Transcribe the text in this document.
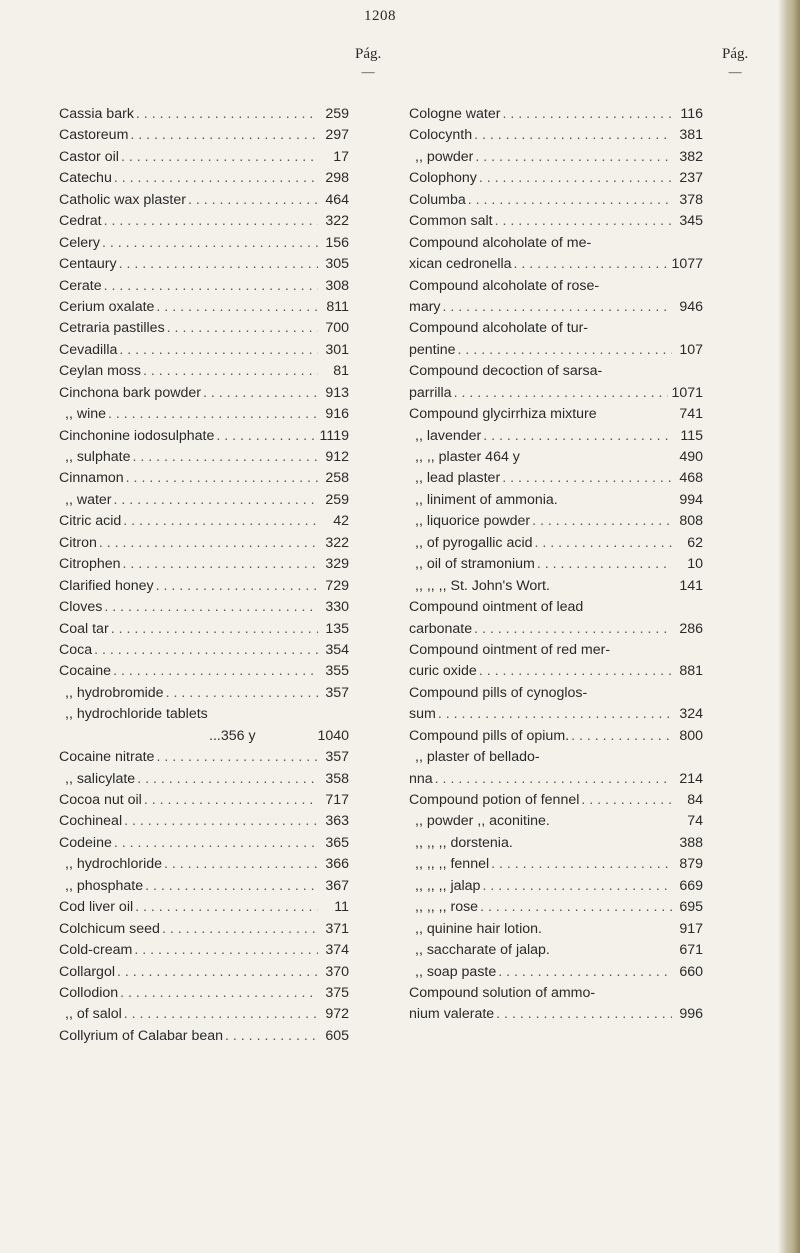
1208
Pág.
—
Pág.
—
Cassia bark . . .	259
Castoreum . . .	297
Castor oil . . .	17
Catechu . . .	298
Catholic wax plaster . . .	464
Cedrat . . .	322
Celery . . .	156
Centaury . . .	305
Cerate . . .	308
Cerium oxalate . . .	811
Cetraria pastilles . . .	700
Cevadilla . . .	301
Ceylan moss . . .	81
Cinchona bark powder . . .	913
,, wine . . .	916
Cinchonine iodosulphate . . .	1119
,, sulphate . . .	912
Cinnamon . . .	258
,, water . . .	259
Citric acid . . .	42
Citron . . .	322
Citrophen . . .	329
Clarified honey . . .	729
Cloves . . .	330
Coal tar . . .	135
Coca . . .	354
Cocaine . . .	355
,, hydrobromide . . .	357
,, hydrochloride tablets
...356 y	1040
Cocaine nitrate . . .	357
,, salicylate . . .	358
Cocoa nut oil . . .	717
Cochineal . . .	363
Codeine . . .	365
,, hydrochloride . . .	366
,, phosphate . . .	367
Cod liver oil . . .	11
Colchicum seed . . .	371
Cold-cream . . .	374
Collargol . . .	370
Collodion . . .	375
,, of salol . . .	972
Collyrium of Calabar bean . . .	605
Cologne water . . .	116
Colocynth . . .	381
,, powder . . .	382
Colophony . . .	237
Columba . . .	378
Common salt . . .	345
Compound alcoholate of me-
xican cedronella . . .	1077
Compound alcoholate of rose-
mary . . .	946
Compound alcoholate of tur-
pentine . . .	107
Compound decoction of sarsa-
parrilla . . .	1071
Compound glycirrhiza mixture	741
,, lavender . . .	115
,, ,, plaster 464 y	490
,, lead plaster . . .	468
,, liniment of ammonia.	994
,, liquorice powder . . .	808
,, of pyrogallic acid . . .	62
,, oil of stramonium . . .	10
,, ,, ,, St. John's Wort.	141
Compound ointment of lead
carbonate . . .	286
Compound ointment of red mer-
curic oxide . . .	881
Compound pills of cynoglos-
sum . . .	324
Compound pills of opium. . . .	800
,, plaster of bellado-
nna . . .	214
Compound potion of fennel . . .	84
,, powder ,, aconitine.	74
,, ,, ,, dorstenia.	388
,, ,, ,, fennel . . .	879
,, ,, ,, jalap . . .	669
,, ,, ,, rose . . .	695
,, quinine hair lotion.	917
,, saccharate of jalap.	671
,, soap paste . . .	660
Compound solution of ammo-
nium valerate . . .	996
